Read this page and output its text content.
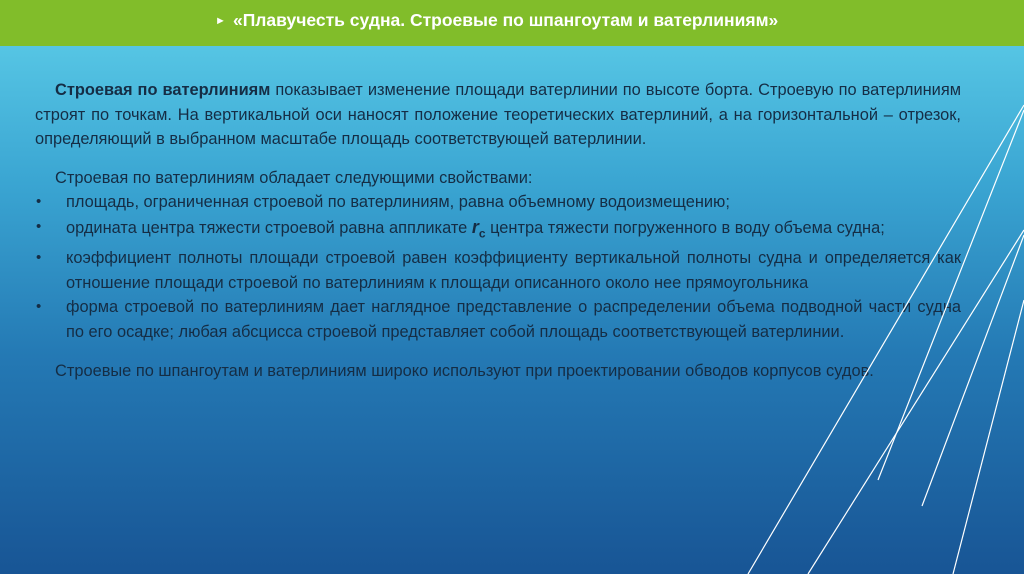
► «Плавучесть судна. Строевые по шпангоутам и ватерлиниям»

Строевая по ватерлиниям показывает изменение площади ватерлинии по высоте борта. Строевую по ватерлиниям строят по точкам. На вертикальной оси наносят положение теоретических ватерлиний, а на горизонтальной – отрезок, определяющий в выбранном масштабе площадь соответствующей ватерлинии.

Строевая по ватерлиниям обладает следующими свойствами:

• площадь, ограниченная строевой по ватерлиниям, равна объемному водоизмещению;
• ордината центра тяжести строевой равна аппликате $r_c$ центра тяжести погруженного в воду объема судна;
• коэффициент полноты площади строевой равен коэффициенту вертикальной полноты судна и определяется как отношение площади строевой по ватерлиниям к площади описанного около нее прямоугольника
• форма строевой по ватерлиниям дает наглядное представление о распределении объема подводной части судна по его осадке; любая абсцисса строевой представляет собой площадь соответствующей ватерлинии.

Строевые по шпангоутам и ватерлиниям широко используют при проектировании обводов корпусов судов.
